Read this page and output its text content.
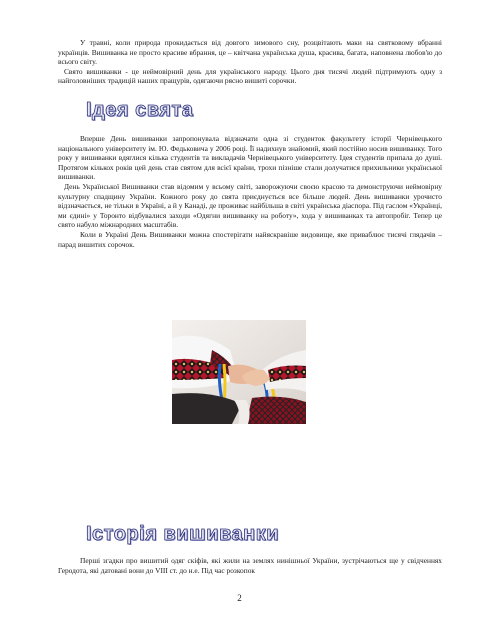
У травні, коли природа прокидається від довгого зимового сну, розцвітають маки на святковому вбранні українців. Вишиванка не просто красиве вбрання, це – квітчана українська душа, красива, багата, наповнена любов'ю до всього світу.

Свято вишиванки - це неймовірний день для українського народу. Цього дня тисячі людей підтримують одну з найголовніших традицій наших пращурів, одягаючи рясно вишиті сорочки.

Ідея свята

Вперше День вишиванки запропонувала відзначати одна зі студенток факультету історії Чернівецького національного університету ім. Ю. Федьковича у 2006 році. Її надихнув знайомий, який постійно носив вишиванку. Того року у вишиванки вдяглися кілька студентів та викладачів Чернівецького університету. Ідея студентів припала до душі. Протягом кількох років цей день став святом для всієї країни, трохи пізніше стали долучатися прихильники української вишиванки.

День Української Вишиванки став відомим у всьому світі, заворожуючи своєю красою та демонструючи неймовірну культурну спадщину України. Кожного року до свята приєднується все більше людей. День вишиванки урочисто відзначається, не тільки в Україні, а й у Канаді, де проживає найбільша в світі українська діаспора. Під гаслом «Українці, ми єдині» у Торонто відбувалися заходи «Одягни вишиванку на роботу», хода у вишиванках та автопробіг. Тепер це свято набуло міжнародних масштабів.

Коли в Україні День Вишиванки можна спостерігати найяскравіше видовище, яке приваблює тисячі глядачів – парад вишитих сорочок.

Історія вишиванки

Перші згадки про вишитий одяг скіфів, які жили на землях нинішньої України, зустрічаються ще у свідченнях Геродота, які датовані вони до VIII ст. до н.е. Під час розкопок

2
